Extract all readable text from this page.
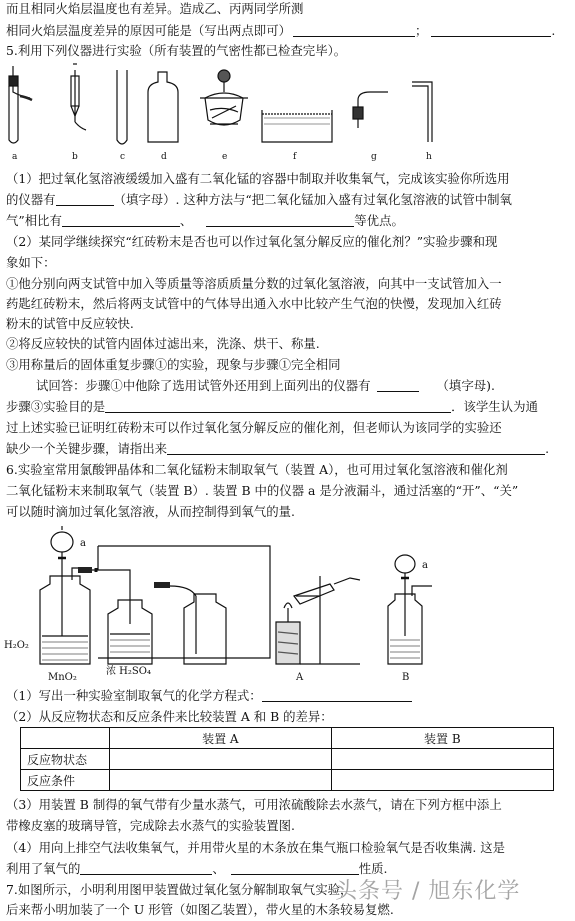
而且相同火焰层温度也有差异。造成乙、丙两同学所测
相同火焰层温度差异的原因可能是（写出两点即可）	；	.
5.利用下列仪器进行实验（所有装置的气密性都已检查完毕）。
a	b	c	d	e	f	g	h
（1）把过氧化氢溶液缓缓加入盛有二氧化锰的容器中制取并收集氧气，完成该实验你所选用
的仪器有	（填字母）. 这种方法与“把二氧化锰加入盛有过氧化氢溶液的试管中制氧
气”相比有	、	等优点。
（2）某同学继续探究“红砖粉末是否也可以作过氧化氢分解反应的催化剂？”实验步骤和现
象如下：
①他分别向两支试管中加入等质量等溶质质量分数的过氧化氢溶液，向其中一支试管加入一
药匙红砖粉末，然后将两支试管中的气体导出通入水中比较产生气泡的快慢，发现加入红砖
粉末的试管中反应较快.
②将反应较快的试管内固体过滤出来，洗涤、烘干、称量.
③用称量后的固体重复步骤①的实验，现象与步骤①完全相同
试回答：步骤①中他除了选用试管外还用到上面列出的仪器有	（填字母).
步骤③实验目的是	．该学生认为通
过上述实验已证明红砖粉末可以作过氧化氢分解反应的催化剂，但老师认为该同学的实验还
缺少一个关键步骤，请指出来	.
6.实验室常用氯酸钾晶体和二氧化锰粉末制取氧气（装置 A），也可用过氧化氢溶液和催化剂
二氧化锰粉末来制取氧气（装置 B）. 装置 B 中的仪器 a 是分液漏斗，通过活塞的“开”、“关”
可以随时滴加过氧化氢溶液，从而控制得到氧气的量.
H₂O₂
MnO₂
浓 H₂SO₄
a
a
A	B
（1）写出一种实验室制取氧气的化学方程式：
（2）从反应物状态和反应条件来比较装置 A 和 B 的差异：
	装置 A	装置 B
反应物状态		
反应条件		
（3）用装置 B 制得的氧气带有少量水蒸气，可用浓硫酸除去水蒸气，请在下列方框中添上
带橡皮塞的玻璃导管，完成除去水蒸气的实验装置图.
（4）用向上排空气法收集氧气，并用带火星的木条放在集气瓶口检验氧气是否收集满. 这是
利用了氧气的	、	性质.
7.如图所示，小明利用图甲装置做过氧化氢分解制取氧气实验，
后来帮小明加装了一个 U 形管（如图乙装置），带火星的木条较易复燃.
头条号 / 旭东化学
